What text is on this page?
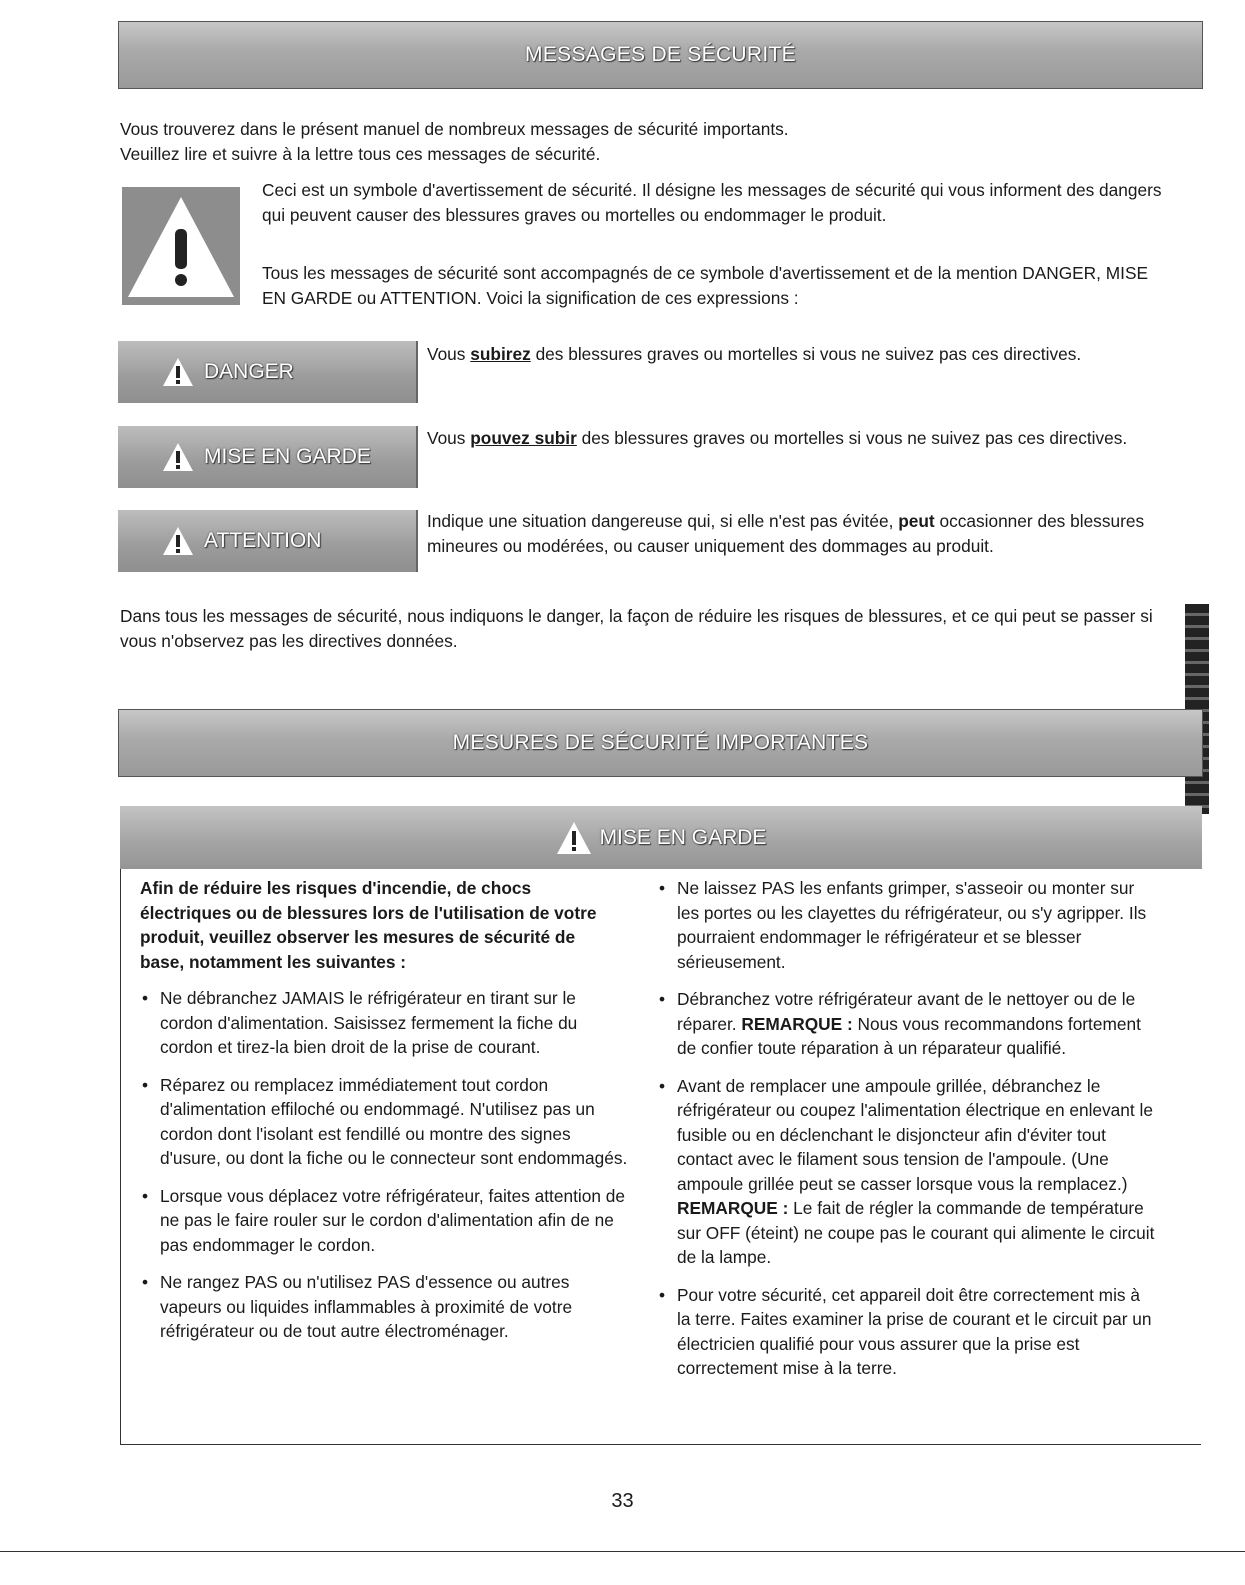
MESSAGES DE SÉCURITÉ

Vous trouverez dans le présent manuel de nombreux messages de sécurité importants.

Veuillez lire et suivre à la lettre tous ces messages de sécurité.

Ceci est un symbole d'avertissement de sécurité. Il désigne les messages de sécurité qui vous informent des dangers qui peuvent causer des blessures graves ou mortelles ou endommager le produit.

Tous les messages de sécurité sont accompagnés de ce symbole d'avertissement et de la mention DANGER, MISE EN GARDE ou ATTENTION. Voici la signification de ces expressions :

DANGER
Vous subirez des blessures graves ou mortelles si vous ne suivez pas ces directives.
MISE EN GARDE
Vous pouvez subir des blessures graves ou mortelles si vous ne suivez pas ces directives.
ATTENTION
Indique une situation dangereuse qui, si elle n'est pas évitée, peut occasionner des blessures mineures ou modérées, ou causer uniquement des dommages au produit.

Dans tous les messages de sécurité, nous indiquons le danger, la façon de réduire les risques de blessures, et ce qui peut se passer si vous n'observez pas les directives données.

MESURES DE SÉCURITÉ IMPORTANTES
MISE EN GARDE

Afin de réduire les risques d'incendie, de chocs électriques ou de blessures lors de l'utilisation de votre produit, veuillez observer les mesures de sécurité de base, notamment les suivantes :

• Ne débranchez JAMAIS le réfrigérateur en tirant sur le cordon d'alimentation. Saisissez fermement la fiche du cordon et tirez-la bien droit de la prise de courant.
• Réparez ou remplacez immédiatement tout cordon d'alimentation effiloché ou endommagé. N'utilisez pas un cordon dont l'isolant est fendillé ou montre des signes d'usure, ou dont la fiche ou le connecteur sont endommagés.
• Lorsque vous déplacez votre réfrigérateur, faites attention de ne pas le faire rouler sur le cordon d'alimentation afin de ne pas endommager le cordon.
• Ne rangez PAS ou n'utilisez PAS d'essence ou autres vapeurs ou liquides inflammables à proximité de votre réfrigérateur ou de tout autre électroménager.
• Ne laissez PAS les enfants grimper, s'asseoir ou monter sur les portes ou les clayettes du réfrigérateur, ou s'y agripper. Ils pourraient endommager le réfrigérateur et se blesser sérieusement.
• Débranchez votre réfrigérateur avant de le nettoyer ou de le réparer. REMARQUE : Nous vous recommandons fortement de confier toute réparation à un réparateur qualifié.
• Avant de remplacer une ampoule grillée, débranchez le réfrigérateur ou coupez l'alimentation électrique en enlevant le fusible ou en déclenchant le disjoncteur afin d'éviter tout contact avec le filament sous tension de l'ampoule. (Une ampoule grillée peut se casser lorsque vous la remplacez.) REMARQUE : Le fait de régler la commande de température sur OFF (éteint) ne coupe pas le courant qui alimente le circuit de la lampe.
• Pour votre sécurité, cet appareil doit être correctement mis à la terre. Faites examiner la prise de courant et le circuit par un électricien qualifié pour vous assurer que la prise est correctement mise à la terre.
33
